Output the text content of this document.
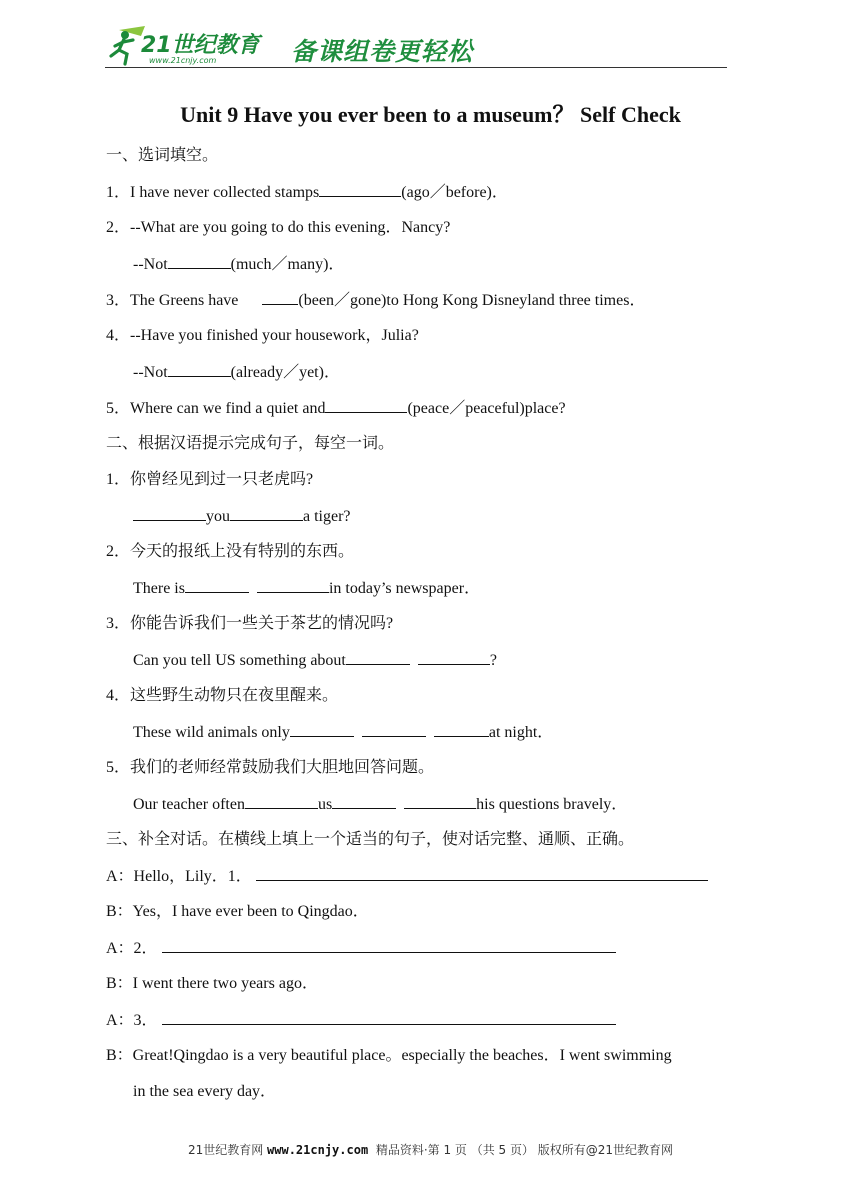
21世纪教育
www.21cnjy.com	备课组卷更轻松
Unit 9 Have you ever been to a museum？ Self Check
一、选词填空。
1．I have never collected stamps	(ago／before)．
2．--What are you going to do this evening．Nancy?
--Not	(much／many)．
3．The Greens have      (been／gone)to Hong Kong Disneyland three times．
4．--Have you finished your housework，Julia?
--Not	(already／yet)．
5．Where can we find a quiet and	(peace／peaceful)place?
二、根据汉语提示完成句子，每空一词。
1．你曾经见到过一只老虎吗?
you	a tiger?
2．今天的报纸上没有特别的东西。
There is	in today’s newspaper．
3．你能告诉我们一些关于茶艺的情况吗?
Can you tell US something about	?
4．这些野生动物只在夜里醒来。
These wild animals only	at night．
5．我们的老师经常鼓励我们大胆地回答问题。
Our teacher often	us	his questions bravely．
三、补全对话。在横线上填上一个适当的句子，使对话完整、通顺、正确。
A：Hello，Lily．1．
B：Yes，I have ever been to Qingdao．
A：2．
B：I went there two years ago．
A：3．
B：Great!Qingdao is a very beautiful place。especially the beaches．I went swimming
in the sea every day．
21世纪教育网 www.21cnjy.com  精品资料·第 1 页 （共 5 页） 版权所有@21世纪教育网
